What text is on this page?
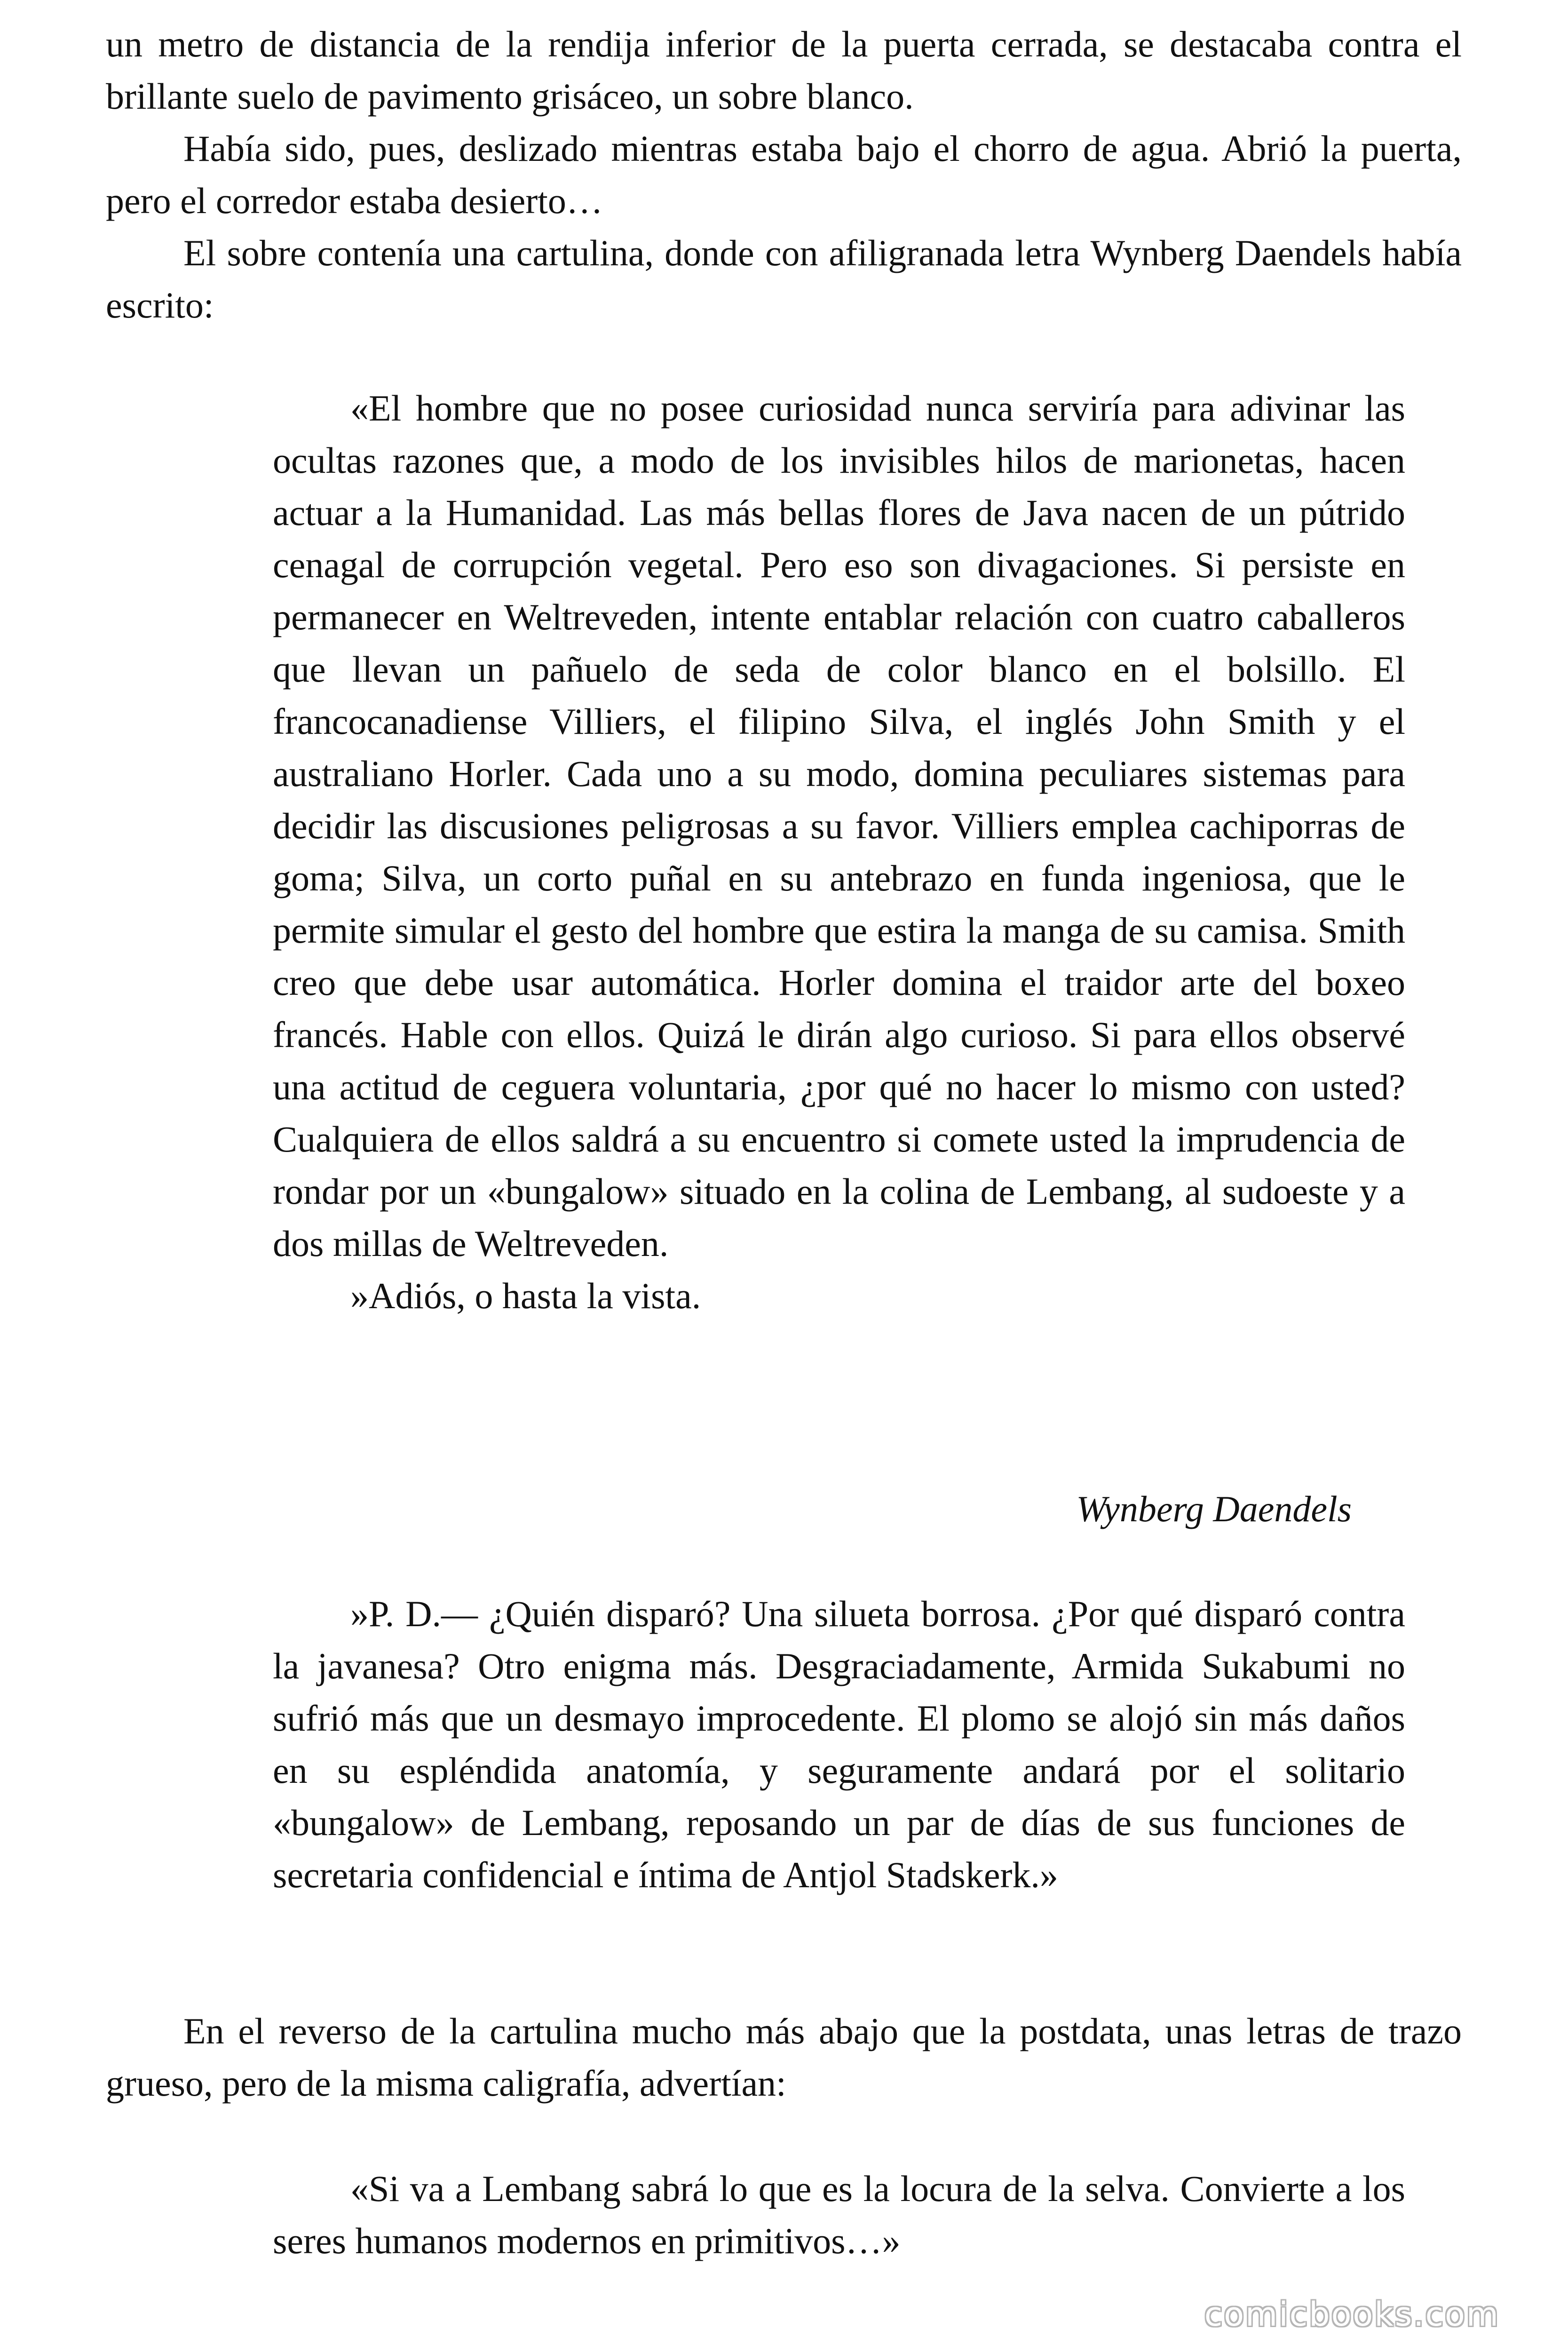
un metro de distancia de la rendija inferior de la puerta cerrada, se destacaba contra el brillante suelo de pavimento grisáceo, un sobre blanco.

Había sido, pues, deslizado mientras estaba bajo el chorro de agua. Abrió la puerta, pero el corredor estaba desierto…

El sobre contenía una cartulina, donde con afiligranada letra Wynberg Daendels había escrito:

«El hombre que no posee curiosidad nunca serviría para adivinar las ocultas razones que, a modo de los invisibles hilos de marionetas, hacen actuar a la Humanidad. Las más bellas flores de Java nacen de un pútrido cenagal de corrupción vegetal. Pero eso son divagaciones. Si persiste en permanecer en Weltreveden, intente entablar relación con cuatro caballeros que llevan un pañuelo de seda de color blanco en el bolsillo. El francocanadiense Villiers, el filipino Silva, el inglés John Smith y el australiano Horler. Cada uno a su modo, domina peculiares sistemas para decidir las discusiones peligrosas a su favor. Villiers emplea cachiporras de goma; Silva, un corto puñal en su antebrazo en funda ingeniosa, que le permite simular el gesto del hombre que estira la manga de su camisa. Smith creo que debe usar automática. Horler domina el traidor arte del boxeo francés. Hable con ellos. Quizá le dirán algo curioso. Si para ellos observé una actitud de ceguera voluntaria, ¿por qué no hacer lo mismo con usted? Cualquiera de ellos saldrá a su encuentro si comete usted la imprudencia de rondar por un «bungalow» situado en la colina de Lembang, al sudoeste y a dos millas de Weltreveden.

»Adiós, o hasta la vista.

Wynberg Daendels

»P. D.— ¿Quién disparó? Una silueta borrosa. ¿Por qué disparó contra la javanesa? Otro enigma más. Desgraciadamente, Armida Sukabumi no sufrió más que un desmayo improcedente. El plomo se alojó sin más daños en su espléndida anatomía, y seguramente andará por el solitario «bungalow» de Lembang, reposando un par de días de sus funciones de secretaria confidencial e íntima de Antjol Stadskerk.»

En el reverso de la cartulina mucho más abajo que la postdata, unas letras de trazo grueso, pero de la misma caligrafía, advertían:

«Si va a Lembang sabrá lo que es la locura de la selva. Convierte a los seres humanos modernos en primitivos…»

comicbooks.com
